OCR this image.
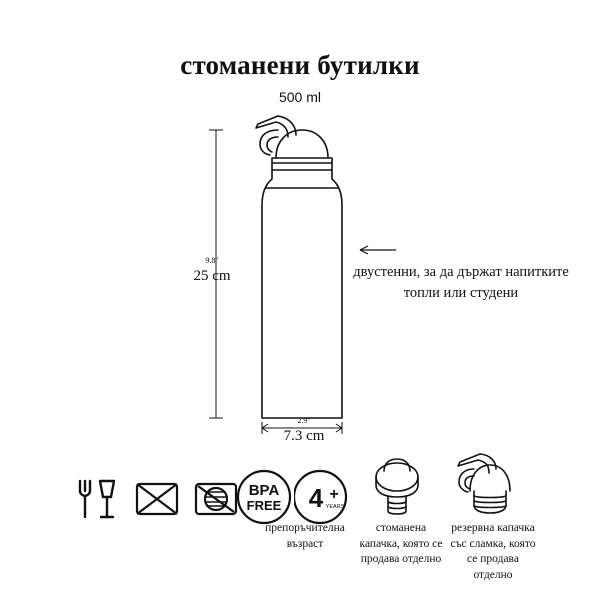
стоманени бутилки
500 ml
9.8"
25 cm
2.9"
7.3 cm
двустенни, за да държат напитките топли или студени
BPA
FREE 4 +
YEARS
препоръчителна възраст
стоманена капачка, която се продава отделно
резервна капачка със сламка, която се продава отделно
